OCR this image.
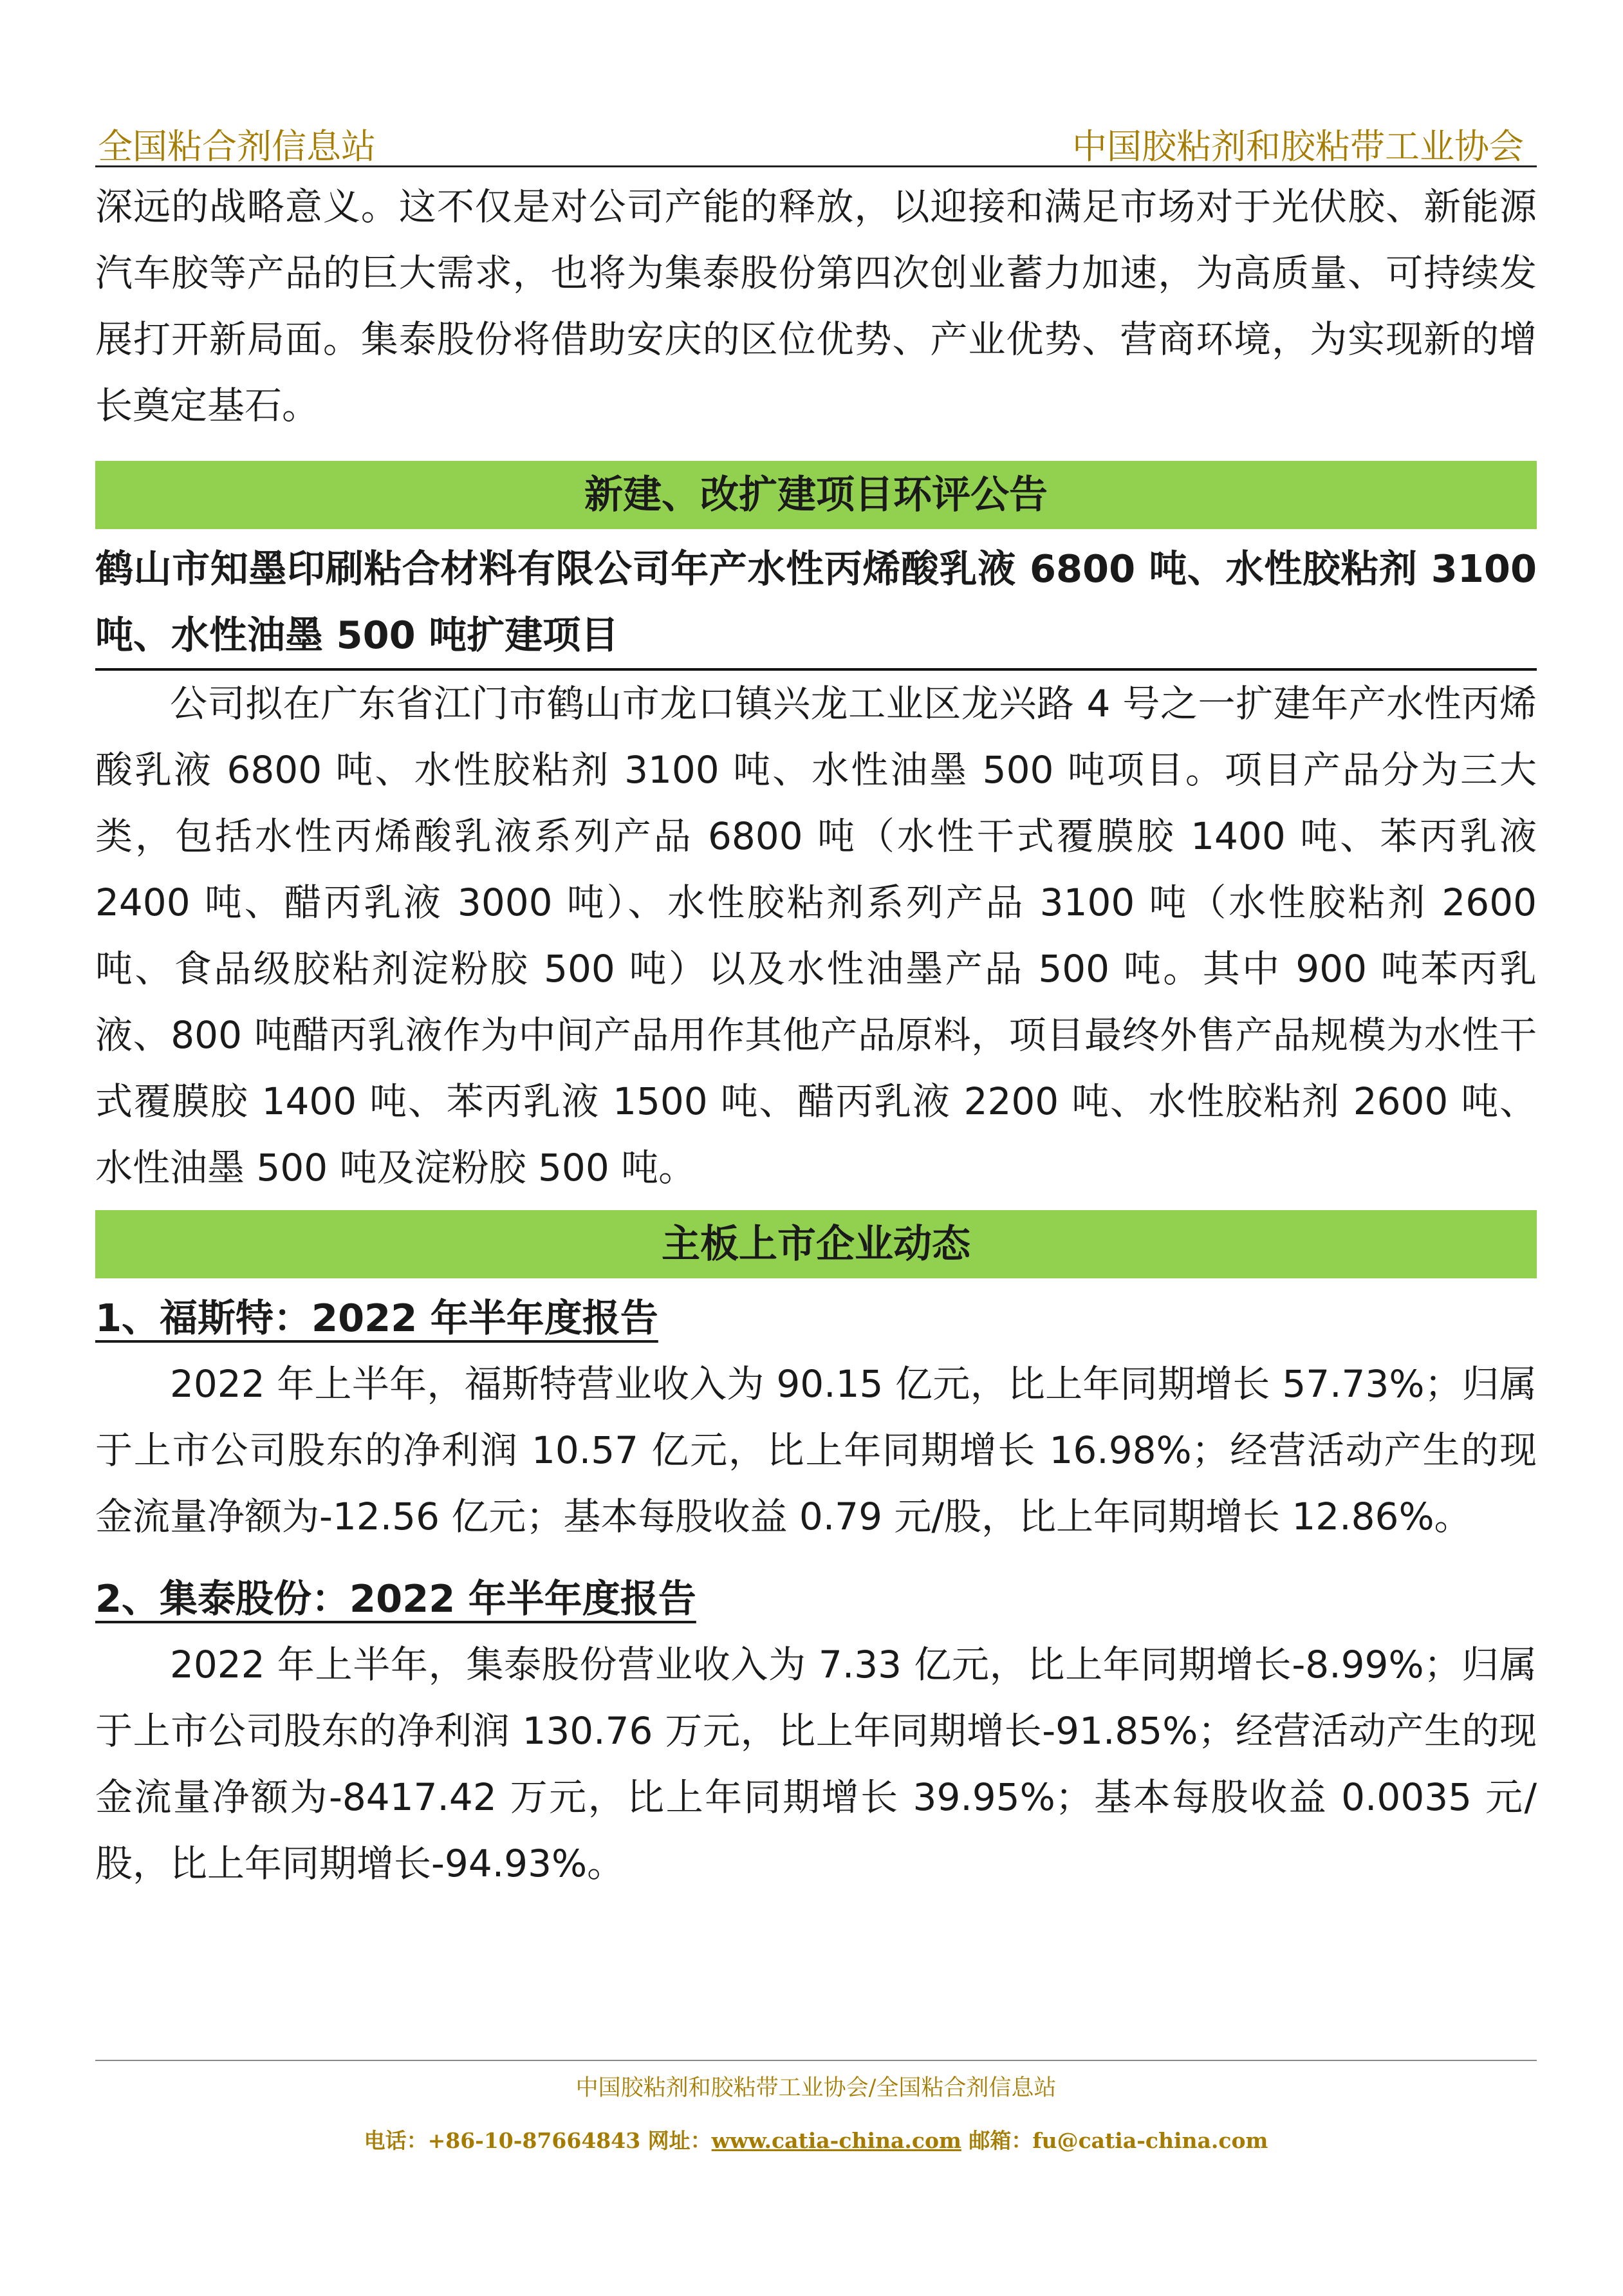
全国粘合剂信息站	中国胶粘剂和胶粘带工业协会

深远的战略意义。这不仅是对公司产能的释放，以迎接和满足市场对于光伏胶、新能源汽车胶等产品的巨大需求，也将为集泰股份第四次创业蓄力加速，为高质量、可持续发展打开新局面。集泰股份将借助安庆的区位优势、产业优势、营商环境，为实现新的增长奠定基石。

新建、改扩建项目环评公告

鹤山市知墨印刷粘合材料有限公司年产水性丙烯酸乳液 6800 吨、水性胶粘剂 3100 吨、水性油墨 500 吨扩建项目

公司拟在广东省江门市鹤山市龙口镇兴龙工业区龙兴路 4 号之一扩建年产水性丙烯酸乳液 6800 吨、水性胶粘剂 3100 吨、水性油墨 500 吨项目。项目产品分为三大类，包括水性丙烯酸乳液系列产品 6800 吨（水性干式覆膜胶 1400 吨、苯丙乳液 2400 吨、醋丙乳液 3000 吨）、水性胶粘剂系列产品 3100 吨（水性胶粘剂 2600 吨、食品级胶粘剂淀粉胶 500 吨）以及水性油墨产品 500 吨。其中 900 吨苯丙乳液、800 吨醋丙乳液作为中间产品用作其他产品原料，项目最终外售产品规模为水性干式覆膜胶 1400 吨、苯丙乳液 1500 吨、醋丙乳液 2200 吨、水性胶粘剂 2600 吨、水性油墨 500 吨及淀粉胶 500 吨。

主板上市企业动态

1、福斯特：2022 年半年度报告

2022 年上半年，福斯特营业收入为 90.15 亿元，比上年同期增长 57.73%；归属于上市公司股东的净利润 10.57 亿元，比上年同期增长 16.98%；经营活动产生的现金流量净额为-12.56 亿元；基本每股收益 0.79 元/股，比上年同期增长 12.86%。

2、集泰股份：2022 年半年度报告

2022 年上半年，集泰股份营业收入为 7.33 亿元，比上年同期增长-8.99%；归属于上市公司股东的净利润 130.76 万元，比上年同期增长-91.85%；经营活动产生的现金流量净额为-8417.42 万元，比上年同期增长 39.95%；基本每股收益 0.0035 元/股，比上年同期增长-94.93%。

中国胶粘剂和胶粘带工业协会/全国粘合剂信息站
电话：+86-10-87664843 网址：www.catia-china.com 邮箱：fu@catia-china.com
